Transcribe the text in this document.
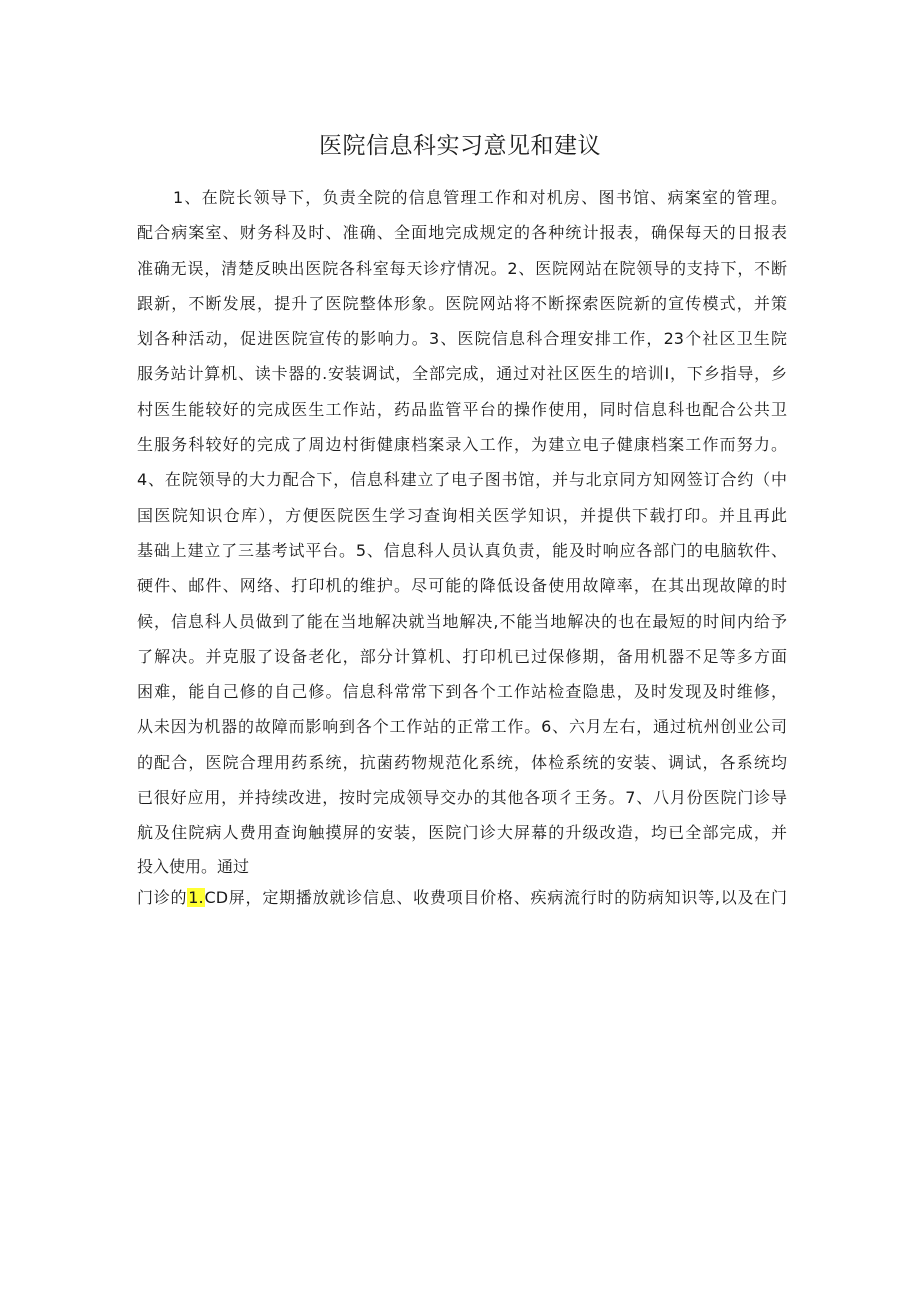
医院信息科实习意见和建议
1、在院长领导下，负责全院的信息管理工作和对机房、图书馆、病案室的管理。
配合病案室、财务科及时、准确、全面地完成规定的各种统计报表，确保每天的日报表
准确无误，清楚反映出医院各科室每天诊疗情况。2、医院网站在院领导的支持下，不断
跟新，不断发展，提升了医院整体形象。医院网站将不断探索医院新的宣传模式，并策
划各种活动，促进医院宣传的影响力。3、医院信息科合理安排工作，23个社区卫生院
服务站计算机、读卡器的.安装调试，全部完成，通过对社区医生的培训I，下乡指导，乡
村医生能较好的完成医生工作站，药品监管平台的操作使用，同时信息科也配合公共卫
生服务科较好的完成了周边村街健康档案录入工作，为建立电子健康档案工作而努力。
4、在院领导的大力配合下，信息科建立了电子图书馆，并与北京同方知网签订合约（中
国医院知识仓库），方便医院医生学习查询相关医学知识，并提供下载打印。并且再此
基础上建立了三基考试平台。5、信息科人员认真负责，能及时响应各部门的电脑软件、
硬件、邮件、网络、打印机的维护。尽可能的降低设备使用故障率，在其出现故障的时
候，信息科人员做到了能在当地解决就当地解决,不能当地解决的也在最短的时间内给予
了解决。并克服了设备老化，部分计算机、打印机已过保修期，备用机器不足等多方面
困难，能自己修的自己修。信息科常常下到各个工作站检查隐患，及时发现及时维修，
从未因为机器的故障而影响到各个工作站的正常工作。6、六月左右，通过杭州创业公司
的配合，医院合理用药系统，抗菌药物规范化系统，体检系统的安装、调试，各系统均
已很好应用，并持续改进，按时完成领导交办的其他各项彳王务。7、八月份医院门诊导
航及住院病人费用查询触摸屏的安装，医院门诊大屏幕的升级改造，均已全部完成，并
投入使用。通过
门诊的1.CD屏，定期播放就诊信息、收费项目价格、疾病流行时的防病知识等,以及在门
